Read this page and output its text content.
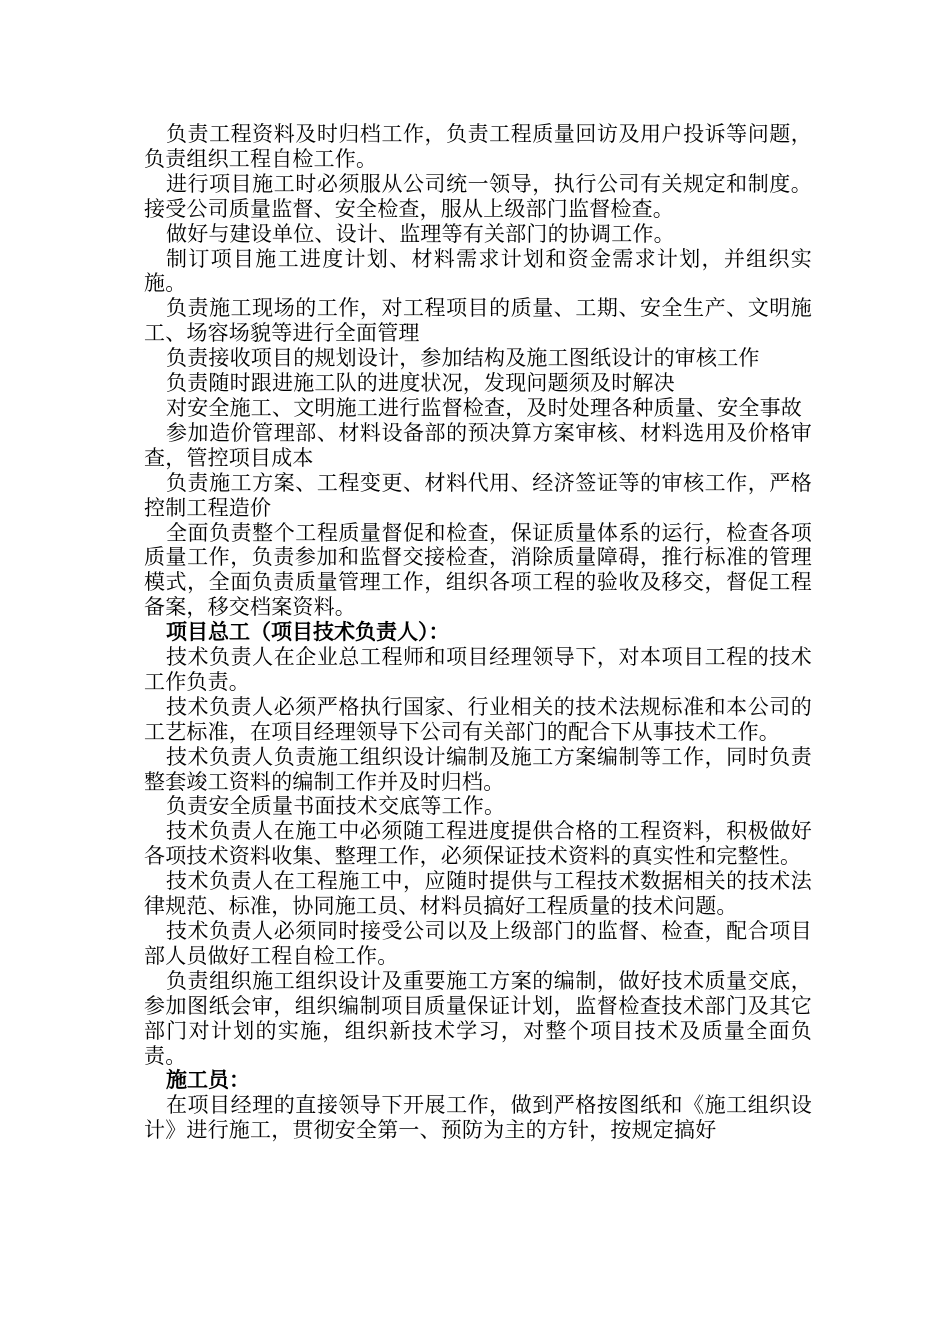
负责工程资料及时归档工作，负责工程质量回访及用户投诉等问题，负责组织工程自检工作。

进行项目施工时必须服从公司统一领导，执行公司有关规定和制度。接受公司质量监督、安全检查，服从上级部门监督检查。

做好与建设单位、设计、监理等有关部门的协调工作。

制订项目施工进度计划、材料需求计划和资金需求计划，并组织实施。

负责施工现场的工作，对工程项目的质量、工期、安全生产、文明施工、场容场貌等进行全面管理

负责接收项目的规划设计，参加结构及施工图纸设计的审核工作

负责随时跟进施工队的进度状况，发现问题须及时解决

对安全施工、文明施工进行监督检查，及时处理各种质量、安全事故

参加造价管理部、材料设备部的预决算方案审核、材料选用及价格审查，管控项目成本

负责施工方案、工程变更、材料代用、经济签证等的审核工作，严格控制工程造价

全面负责整个工程质量督促和检查，保证质量体系的运行，检查各项质量工作，负责参加和监督交接检查，消除质量障碍，推行标准的管理模式，全面负责质量管理工作，组织各项工程的验收及移交，督促工程备案，移交档案资料。

项目总工（项目技术负责人）：

技术负责人在企业总工程师和项目经理领导下，对本项目工程的技术工作负责。

技术负责人必须严格执行国家、行业相关的技术法规标准和本公司的工艺标准，在项目经理领导下公司有关部门的配合下从事技术工作。

技术负责人负责施工组织设计编制及施工方案编制等工作，同时负责整套竣工资料的编制工作并及时归档。

负责安全质量书面技术交底等工作。

技术负责人在施工中必须随工程进度提供合格的工程资料，积极做好各项技术资料收集、整理工作，必须保证技术资料的真实性和完整性。

技术负责人在工程施工中，应随时提供与工程技术数据相关的技术法律规范、标准，协同施工员、材料员搞好工程质量的技术问题。

技术负责人必须同时接受公司以及上级部门的监督、检查，配合项目部人员做好工程自检工作。

负责组织施工组织设计及重要施工方案的编制，做好技术质量交底，参加图纸会审，组织编制项目质量保证计划，监督检查技术部门及其它部门对计划的实施，组织新技术学习，对整个项目技术及质量全面负责。

施工员：

在项目经理的直接领导下开展工作，做到严格按图纸和《施工组织设计》进行施工，贯彻安全第一、预防为主的方针，按规定搞好
